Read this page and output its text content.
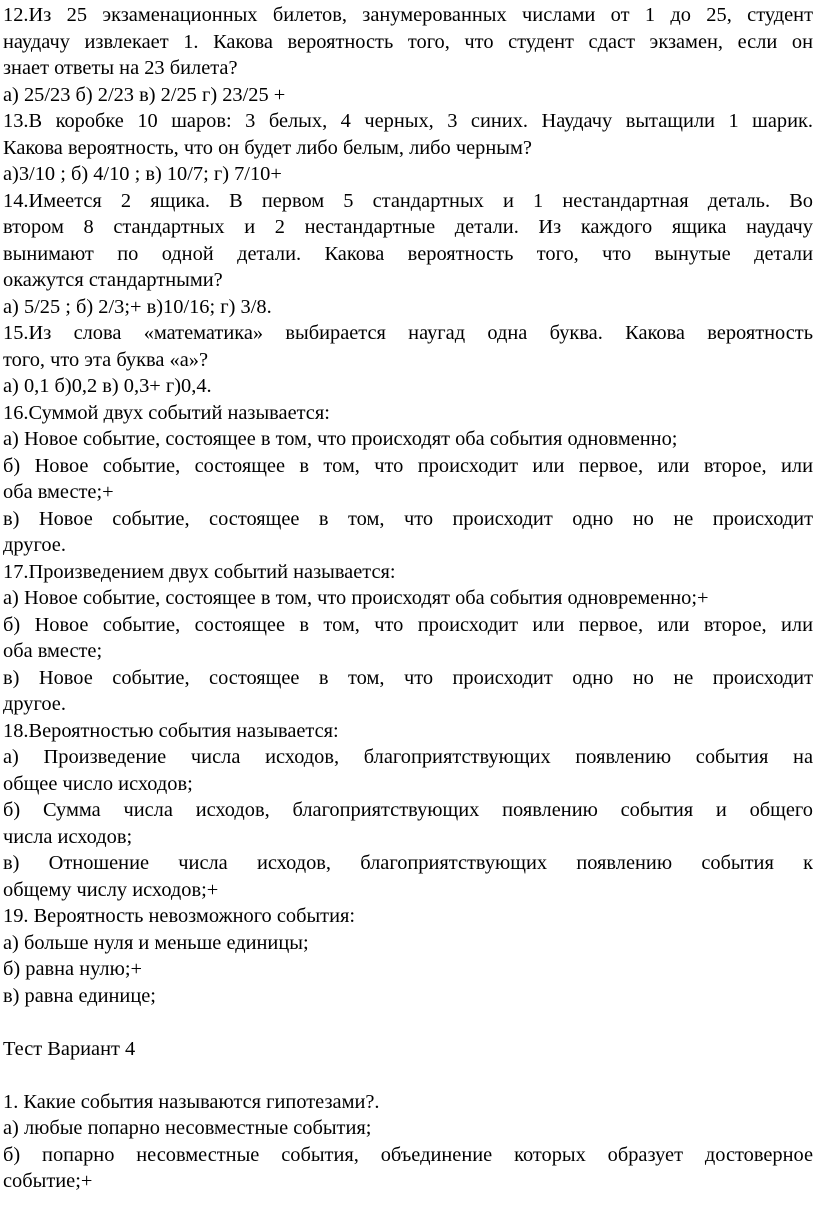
12.Из 25 экзаменационных билетов, занумерованных числами от 1 до 25, студент
наудачу извлекает 1. Какова вероятность того, что студент сдаст экзамен, если он
знает ответы на 23 билета?
а) 25/23 б) 2/23 в) 2/25 г) 23/25 +
13.В коробке 10 шаров: 3 белых, 4 черных, 3 синих. Наудачу вытащили 1 шарик.
Какова вероятность, что он будет либо белым, либо черным?
а)3/10 ; б) 4/10 ; в) 10/7; г) 7/10+
14.Имеется 2 ящика. В первом 5 стандартных и 1 нестандартная деталь. Во
втором 8 стандартных и 2 нестандартные детали. Из каждого ящика наудачу
вынимают по одной детали. Какова вероятность того, что вынутые детали
окажутся стандартными?
а) 5/25 ; б) 2/3;+ в)10/16; г) 3/8.
15.Из слова «математика» выбирается наугад одна буква. Какова вероятность
того, что эта буква «а»?
а) 0,1 б)0,2 в) 0,3+ г)0,4.
16.Суммой двух событий называется:
а) Новое событие, состоящее в том, что происходят оба события одновменно;
б) Новое событие, состоящее в том, что происходит или первое, или второе, или
оба вместе;+
в) Новое событие, состоящее в том, что происходит одно но не происходит
другое.
17.Произведением двух событий называется:
а) Новое событие, состоящее в том, что происходят оба события одновременно;+
б) Новое событие, состоящее в том, что происходит или первое, или второе, или
оба вместе;
в) Новое событие, состоящее в том, что происходит одно но не происходит
другое.
18.Вероятностью события называется:
а) Произведение числа исходов, благоприятствующих появлению события на
общее число исходов;
б) Сумма числа исходов, благоприятствующих появлению события и общего
числа исходов;
в) Отношение числа исходов, благоприятствующих появлению события к
общему числу исходов;+
19. Вероятность невозможного события:
а) больше нуля и меньше единицы;
б) равна нулю;+
в) равна единице;
Тест Вариант 4
1. Какие события называются гипотезами?.
а) любые попарно несовместные события;
б) попарно несовместные события, объединение которых образует достоверное
событие;+
